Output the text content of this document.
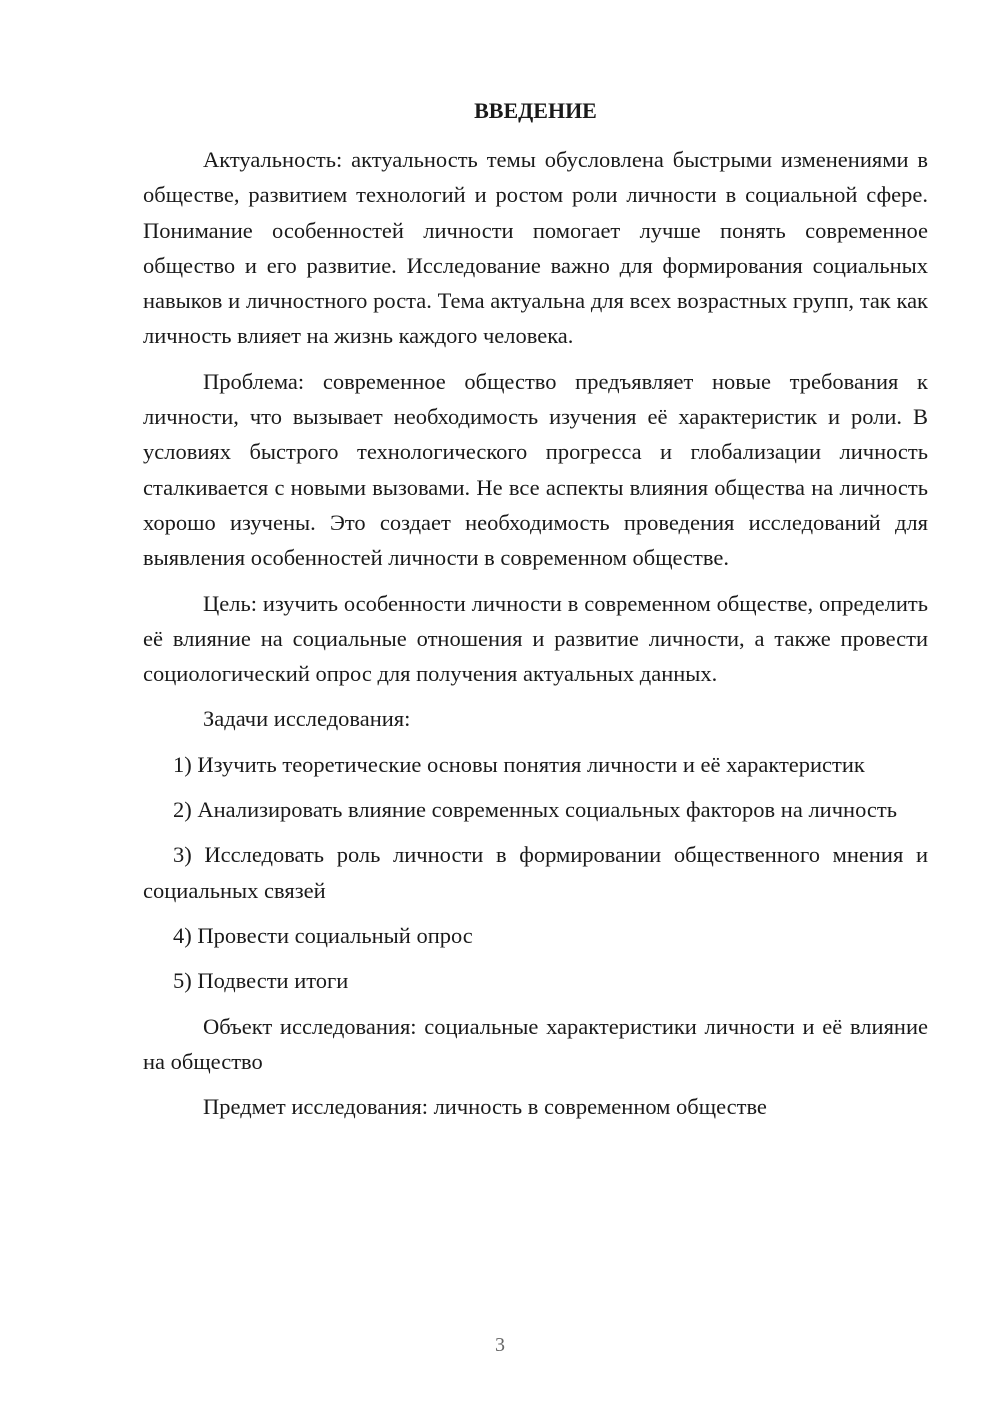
ВВЕДЕНИЕ

Актуальность: актуальность темы обусловлена быстрыми изменениями в обществе, развитием технологий и ростом роли личности в социальной сфере. Понимание особенностей личности помогает лучше понять современное общество и его развитие. Исследование важно для формирования социальных навыков и личностного роста. Тема актуальна для всех возрастных групп, так как личность влияет на жизнь каждого человека.

Проблема: современное общество предъявляет новые требования к личности, что вызывает необходимость изучения её характеристик и роли. В условиях быстрого технологического прогресса и глобализации личность сталкивается с новыми вызовами. Не все аспекты влияния общества на личность хорошо изучены. Это создает необходимость проведения исследований для выявления особенностей личности в современном обществе.

Цель: изучить особенности личности в современном обществе, определить её влияние на социальные отношения и развитие личности, а также провести социологический опрос для получения актуальных данных.

Задачи исследования:

1) Изучить теоретические основы понятия личности и её характеристик

2) Анализировать влияние современных социальных факторов на личность

3) Исследовать роль личности в формировании общественного мнения и социальных связей

4) Провести социальный опрос

5) Подвести итоги

Объект исследования: социальные характеристики личности и её влияние на общество

Предмет исследования: личность в современном обществе

3
